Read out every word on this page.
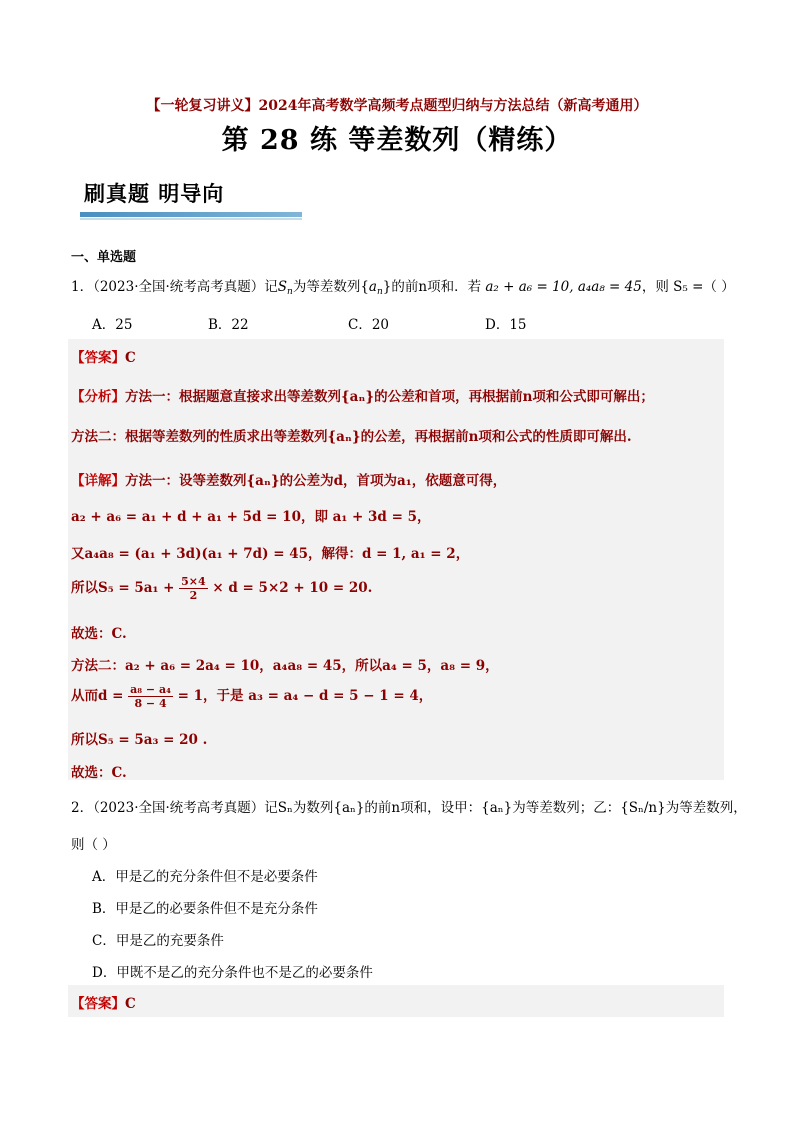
【一轮复习讲义】2024年高考数学高频考点题型归纳与方法总结（新高考通用）
第 28 练 等差数列（精练）
刷真题 明导向
一、单选题
1．（2023·全国·统考高考真题）记$S_n$为等差数列$\{a_n\}$的前n项和．若 a₂ + a₆ = 10, a₄a₈ = 45，则 S₅ =（ ）
A．25	B．22	C．20	D．15
【答案】C
【分析】方法一：根据题意直接求出等差数列{aₙ}的公差和首项，再根据前n项和公式即可解出；
方法二：根据等差数列的性质求出等差数列{aₙ}的公差，再根据前n项和公式的性质即可解出.
【详解】方法一：设等差数列{aₙ}的公差为d，首项为a₁，依题意可得，
a₂ + a₆ = a₁ + d + a₁ + 5d = 10，即 a₁ + 3d = 5，
又a₄a₈ = (a₁ + 3d)(a₁ + 7d) = 45，解得：d = 1, a₁ = 2，
所以$S_5 = 5a_1 + \frac{5\times 4}{2} \times d = 5\times 2 + 10 = 20$.
故选：C.
方法二：a₂ + a₆ = 2a₄ = 10，a₄a₈ = 45，所以a₄ = 5，a₈ = 9，
从而$d = \frac{\text{a₈ − a₄}}{8 - 4} = 1$，于是 a₃ = a₄ − d = 5 − 1 = 4，
所以S₅ = 5a₃ = 20 .
故选：C.
2．（2023·全国·统考高考真题）记Sₙ为数列{aₙ}的前n项和，设甲：{aₙ}为等差数列；乙：{Sₙ/n}为等差数列，
则（ ）
A．甲是乙的充分条件但不是必要条件
B．甲是乙的必要条件但不是充分条件
C．甲是乙的充要条件
D．甲既不是乙的充分条件也不是乙的必要条件
【答案】C
